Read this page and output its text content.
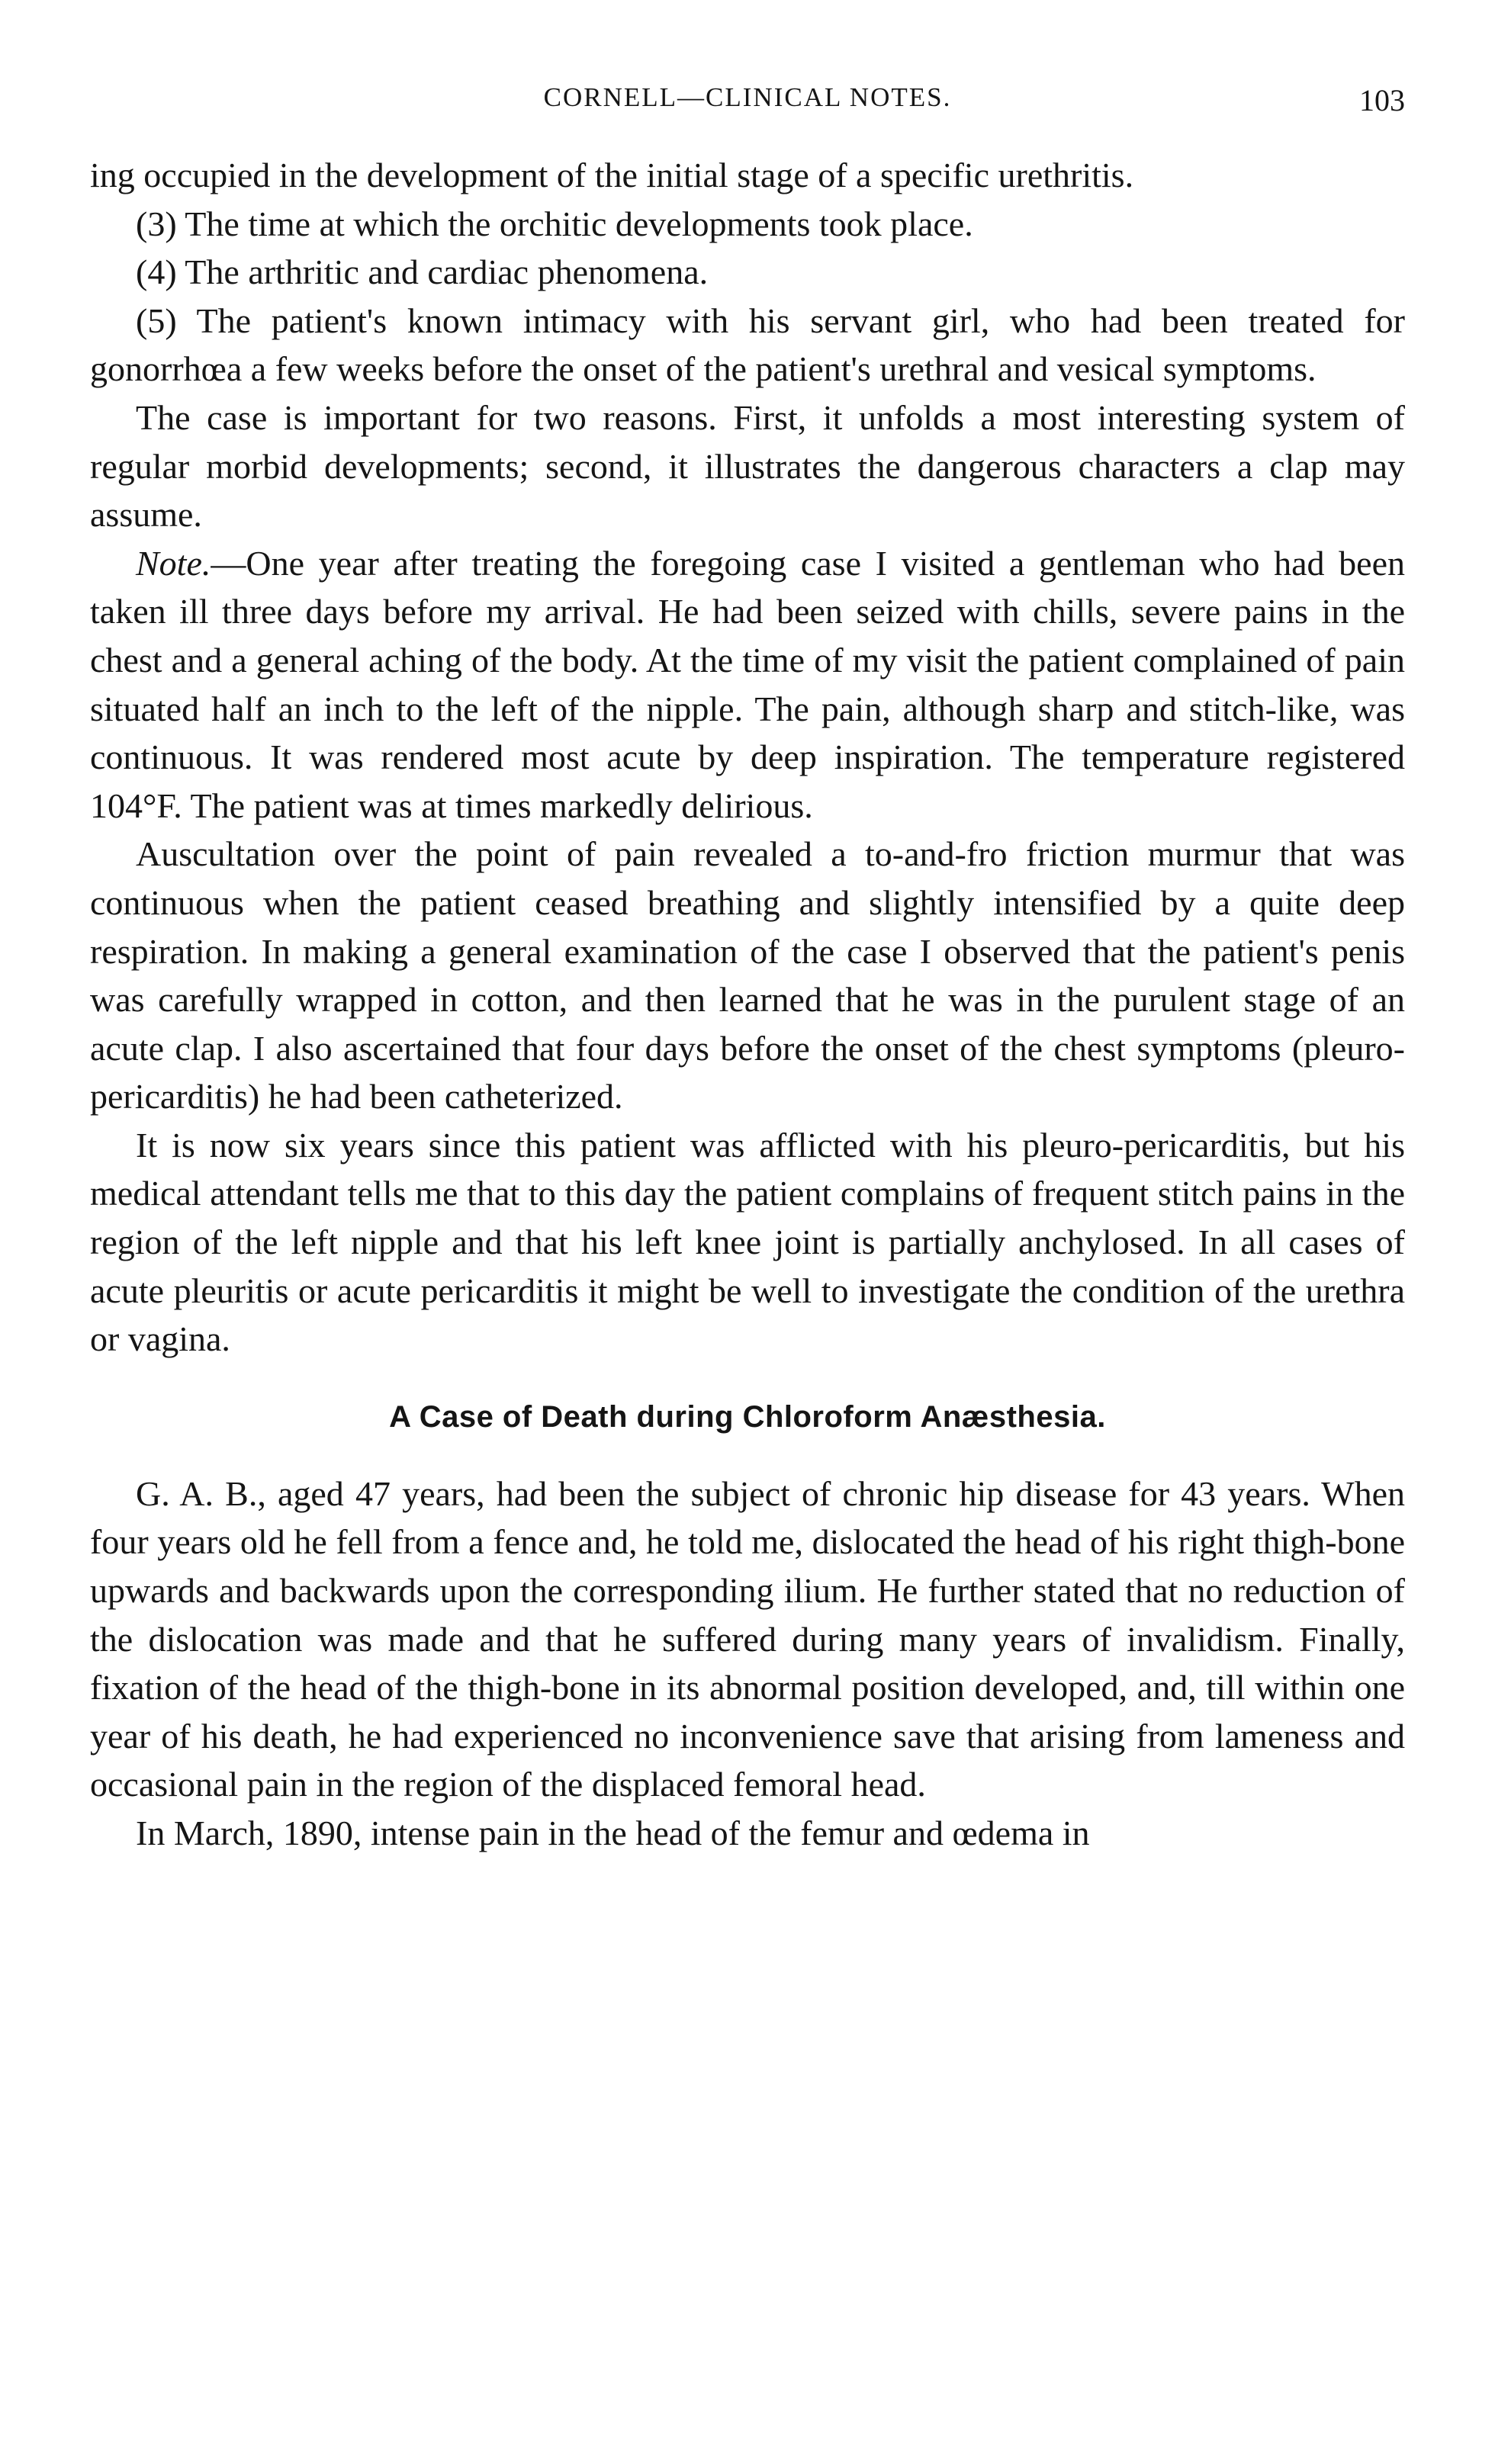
CORNELL—CLINICAL NOTES.	103

ing occupied in the development of the initial stage of a specific urethritis.

(3) The time at which the orchitic developments took place.

(4) The arthritic and cardiac phenomena.

(5) The patient's known intimacy with his servant girl, who had been treated for gonorrhœa a few weeks before the onset of the patient's urethral and vesical symptoms.

The case is important for two reasons. First, it unfolds a most interesting system of regular morbid developments; second, it illustrates the dangerous characters a clap may assume.

Note.—One year after treating the foregoing case I visited a gentleman who had been taken ill three days before my arrival. He had been seized with chills, severe pains in the chest and a general aching of the body. At the time of my visit the patient complained of pain situated half an inch to the left of the nipple. The pain, although sharp and stitch-like, was continuous. It was rendered most acute by deep inspiration. The temperature registered 104°F. The patient was at times markedly delirious.

Auscultation over the point of pain revealed a to-and-fro friction murmur that was continuous when the patient ceased breathing and slightly intensified by a quite deep respiration. In making a general examination of the case I observed that the patient's penis was carefully wrapped in cotton, and then learned that he was in the purulent stage of an acute clap. I also ascertained that four days before the onset of the chest symptoms (pleuro-pericarditis) he had been catheterized.

It is now six years since this patient was afflicted with his pleuro-pericarditis, but his medical attendant tells me that to this day the patient complains of frequent stitch pains in the region of the left nipple and that his left knee joint is partially anchylosed. In all cases of acute pleuritis or acute pericarditis it might be well to investigate the condition of the urethra or vagina.

A Case of Death during Chloroform Anæsthesia.

G. A. B., aged 47 years, had been the subject of chronic hip disease for 43 years. When four years old he fell from a fence and, he told me, dislocated the head of his right thigh-bone upwards and backwards upon the corresponding ilium. He further stated that no reduction of the dislocation was made and that he suffered during many years of invalidism. Finally, fixation of the head of the thigh-bone in its abnormal position developed, and, till within one year of his death, he had experienced no inconvenience save that arising from lameness and occasional pain in the region of the displaced femoral head.

In March, 1890, intense pain in the head of the femur and œdema in
